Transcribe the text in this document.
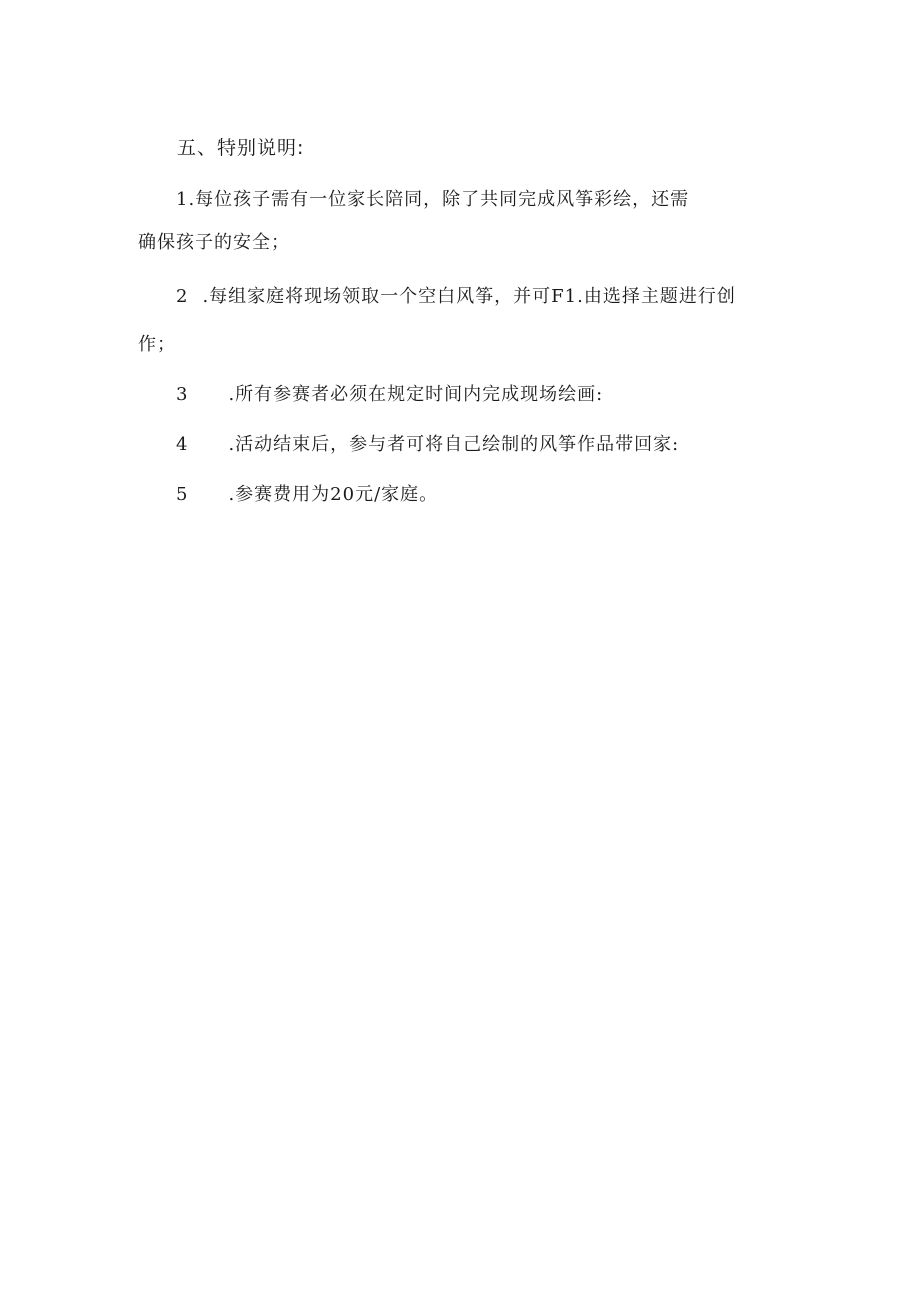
五、特别说明:
1.每位孩子需有一位家长陪同，除了共同完成风筝彩绘，还需
确保孩子的安全；
2 .每组家庭将现场领取一个空白风筝，并可F1.由选择主题进行创
作；
3 .所有参赛者必须在规定时间内完成现场绘画:
4 .活动结束后，参与者可将自己绘制的风筝作品带回家:
5 .参赛费用为20元/家庭。
